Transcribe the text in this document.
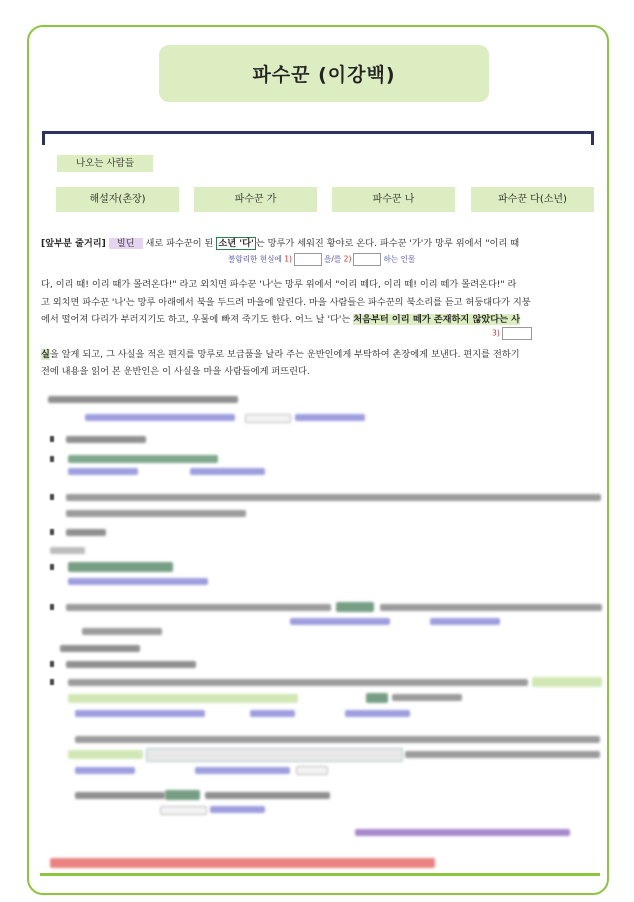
파수꾼 (이강백)
나오는 사람들
해설자(촌장)	파수꾼 가	파수꾼 나	파수꾼 다(소년)
[앞부분 줄거리] 빌딘 새로 파수꾼이 된 소년 '다' 는 망루가 세워진 황야로 온다. 파수꾼 '가'가 망루 위에서 "이리 때
불합리한 현실에 1)	을/를 2)	하는 인물
다, 이리 때! 이리 때가 몰려온다!" 라고 외치면 파수꾼 '나'는 망루 위에서 "이리 떼다, 이리 떼! 이리 떼가 몰려온다!" 라
고 외치면 파수꾼 '나'는 망루 아래에서 북을 두드려 마을에 알린다. 마을 사람들은 파수꾼의 북소리를 듣고 허둥대다가 지붕
에서 떨어져 다리가 부러지기도 하고, 우물에 빠져 죽기도 한다. 어느 날 '다'는 처음부터 이리 떼가 존재하지 않았다는 사
3)
실을 알게 되고, 그 사실을 적은 편지를 망루로 보급품을 날라 주는 운반인에게 부탁하여 촌장에게 보낸다. 편지를 전하기
전에 내용을 읽어 본 운반인은 이 사실을 마을 사람들에게 퍼뜨린다.
